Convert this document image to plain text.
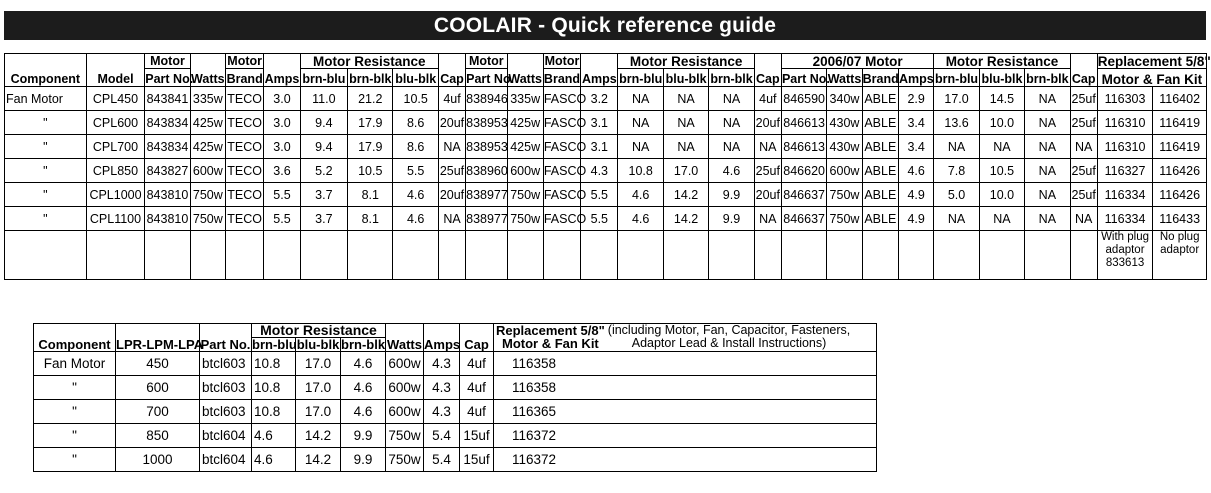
COOLAIR - Quick reference guide
Component	Model	Motor	Watts	Motor	Amps	Motor Resistance			Cap	Motor	Watts	Motor	Amps	Motor Resistance			Cap	2006/07 Motor				Motor Resistance			Cap	Replacement 5/8"	
		Part No.		Brand		brn-blu	brn-blk	blu-blk		Part No.		Brand		brn-blu	blu-blk	brn-blk		Part No.	Watts	Brand	Amps	brn-blu	blu-blk	brn-blk		Motor & Fan Kit	
Fan Motor	CPL450	843841	335w	TECO	3.0	11.0	21.2	10.5	4uf	838946	335w	FASCO	3.2	NA	NA	NA	4uf	846590	340w	ABLE	2.9	17.0	14.5	NA	25uf	116303	116402
"	CPL600	843834	425w	TECO	3.0	9.4	17.9	8.6	20uf	838953	425w	FASCO	3.1	NA	NA	NA	20uf	846613	430w	ABLE	3.4	13.6	10.0	NA	25uf	116310	116419
"	CPL700	843834	425w	TECO	3.0	9.4	17.9	8.6	NA	838953	425w	FASCO	3.1	NA	NA	NA	NA	846613	430w	ABLE	3.4	NA	NA	NA	NA	116310	116419
"	CPL850	843827	600w	TECO	3.6	5.2	10.5	5.5	25uf	838960	600w	FASCO	4.3	10.8	17.0	4.6	25uf	846620	600w	ABLE	4.6	7.8	10.5	NA	25uf	116327	116426
"	CPL1000	843810	750w	TECO	5.5	3.7	8.1	4.6	20uf	838977	750w	FASCO	5.5	4.6	14.2	9.9	20uf	846637	750w	ABLE	4.9	5.0	10.0	NA	25uf	116334	116426
"	CPL1100	843810	750w	TECO	5.5	3.7	8.1	4.6	NA	838977	750w	FASCO	5.5	4.6	14.2	9.9	NA	846637	750w	ABLE	4.9	NA	NA	NA	NA	116334	116433
																										With plug adaptor 833613	No plug adaptor
Component	LPR-LPM-LPA	Part No.	Motor Resistance			Watts	Amps	Cap	Replacement 5/8"
Motor & Fan Kit
(including Motor, Fan, Capacitor, Fasteners,
Adaptor Lead & Install Instructions)

			brn-blu	blu-blk	brn-blk				
Fan Motor	450	btcl603	10.8	17.0	4.6	600w	4.3	4uf	116358
"	600	btcl603	10.8	17.0	4.6	600w	4.3	4uf	116358
"	700	btcl603	10.8	17.0	4.6	600w	4.3	4uf	116365
"	850	btcl604	4.6	14.2	9.9	750w	5.4	15uf	116372
"	1000	btcl604	4.6	14.2	9.9	750w	5.4	15uf	116372
